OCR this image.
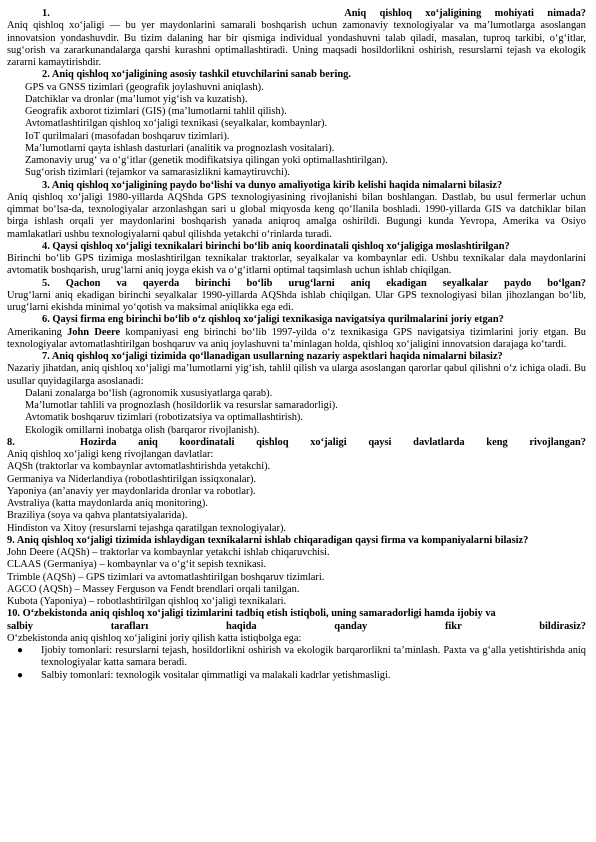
1.                      Aniq qishloq xo‘jaligining mohiyati nimada?

Aniq qishloq xo‘jaligi — bu yer maydonlarini samarali boshqarish uchun zamonaviy texnologiyalar va ma’lumotlarga asoslangan innovatsion yondashuvdir. Bu tizim dalaning har bir qismiga individual yondashuvni talab qiladi, masalan, tuproq tarkibi, o‘g‘itlar, sug‘orish va zararkunandalarga qarshi kurashni optimallashtiradi. Uning maqsadi hosildorlikni oshirish, resurslarni tejash va ekologik zararni kamaytirishdir.

2. Aniq qishloq xo‘jaligining asosiy tashkil etuvchilarini sanab bering.

GPS va GNSS tizimlari (geografik joylashuvni aniqlash).

Datchiklar va dronlar (ma’lumot yig‘ish va kuzatish).

Geografik axborot tizimlari (GIS) (ma’lumotlarni tahlil qilish).

Avtomatlashtirilgan qishloq xo‘jaligi texnikasi (seyalkalar, kombaynlar).

IoT qurilmalari (masofadan boshqaruv tizimlari).

Ma’lumotlarni qayta ishlash dasturlari (analitik va prognozlash vositalari).

Zamonaviy urug‘ va o‘g‘itlar (genetik modifikatsiya qilingan yoki optimallashtirilgan).

Sug‘orish tizimlari (tejamkor va samarasizlikni kamaytiruvchi).

3. Aniq qishloq xo‘jaligining paydo bo‘lishi va dunyo amaliyotiga kirib kelishi haqida nimalarni bilasiz?

Aniq qishloq xo‘jaligi 1980-yillarda AQShda GPS texnologiyasining rivojlanishi bilan boshlangan. Dastlab, bu usul fermerlar uchun qimmat bo‘lsa-da, texnologiyalar arzonlashgan sari u global miqyosda keng qo‘llanila boshladi. 1990-yillarda GIS va datchiklar bilan birga ishlash orqali yer maydonlarini boshqarish yanada aniqroq amalga oshirildi. Bugungi kunda Yevropa, Amerika va Osiyo mamlakatlari ushbu texnologiyalarni qabul qilishda yetakchi o‘rinlarda turadi.

4. Qaysi qishloq xo‘jaligi texnikalari birinchi bo‘lib aniq koordinatali qishloq xo‘jaligiga moslashtirilgan?

Birinchi bo‘lib GPS tizimiga moslashtirilgan texnikalar traktorlar, seyalkalar va kombaynlar edi. Ushbu texnikalar dala maydonlarini avtomatik boshqarish, urug‘larni aniq joyga ekish va o‘g‘itlarni optimal taqsimlash uchun ishlab chiqilgan.

5. Qachon va qayerda birinchi bo‘lib urug‘larni aniq ekadigan seyalkalar paydo bo‘lgan?

Urug‘larni aniq ekadigan birinchi seyalkalar 1990-yillarda AQShda ishlab chiqilgan. Ular GPS texnologiyasi bilan jihozlangan bo‘lib, urug‘larni ekishda minimal yo‘qotish va maksimal aniqlikka ega edi.

6. Qaysi firma eng birinchi bo‘lib o‘z qishloq xo‘jaligi texnikasiga navigatsiya qurilmalarini joriy etgan?

Amerikaning John Deere kompaniyasi eng birinchi bo‘lib 1997-yilda o‘z texnikasiga GPS navigatsiya tizimlarini joriy etgan. Bu texnologiyalar avtomatlashtirilgan boshqaruv va aniq joylashuvni ta’minlagan holda, qishloq xo‘jaligini innovatsion darajaga ko‘tardi.

7. Aniq qishloq xo‘jaligi tizimida qo‘llanadigan usullarning nazariy aspektlari haqida nimalarni bilasiz?

Nazariy jihatdan, aniq qishloq xo‘jaligi ma’lumotlarni yig‘ish, tahlil qilish va ularga asoslangan qarorlar qabul qilishni o‘z ichiga oladi. Bu usullar quyidagilarga asoslanadi:

Dalani zonalarga bo‘lish (agronomik xususiyatlarga qarab).

Ma’lumotlar tahlili va prognozlash (hosildorlik va resurslar samaradorligi).

Avtomatik boshqaruv tizimlari (robotizatsiya va optimallashtirish).

Ekologik omillarni inobatga olish (barqaror rivojlanish).

8.   Hozirda aniq koordinatali qishloq xo‘jaligi qaysi davlatlarda keng rivojlangan?

Aniq qishloq xo‘jaligi keng rivojlangan davlatlar:

AQSh (traktorlar va kombaynlar avtomatlashtirishda yetakchi).

Germaniya va Niderlandiya (robotlashtirilgan issiqxonalar).

Yaponiya (an’anaviy yer maydonlarida dronlar va robotlar).

Avstraliya (katta maydonlarda aniq monitoring).

Braziliya (soya va qahva plantatsiyalarida).

Hindiston va Xitoy (resurslarni tejashga qaratilgan texnologiyalar).

9. Aniq qishloq xo‘jaligi tizimida ishlaydigan texnikalarni ishlab chiqaradigan qaysi firma va kompaniyalarni bilasiz?

John Deere (AQSh) – traktorlar va kombaynlar yetakchi ishlab chiqaruvchisi.

CLAAS (Germaniya) – kombaynlar va o‘g‘it sepish texnikasi.

Trimble (AQSh) – GPS tizimlari va avtomatlashtirilgan boshqaruv tizimlari.

AGCO (AQSh) – Massey Ferguson va Fendt brendlari orqali tanilgan.

Kubota (Yaponiya) – robotlashtirilgan qishloq xo‘jaligi texnikalari.

10. O‘zbekistonda aniq qishloq xo‘jaligi tizimlarini tadbiq etish istiqboli, uning samaradorligi hamda ijobiy va

salbiy tarafları haqida qanday fikr bildirasiz?

O‘zbekistonda aniq qishloq xo‘jaligini joriy qilish katta istiqbolga ega:

● Ijobiy tomonlari: resurslarni tejash, hosildorlikni oshirish va ekologik barqarorlikni ta’minlash. Paxta va g‘alla yetishtirishda aniq texnologiyalar katta samara beradi.
● Salbiy tomonlari: texnologik vositalar qimmatligi va malakali kadrlar yetishmasligi.
